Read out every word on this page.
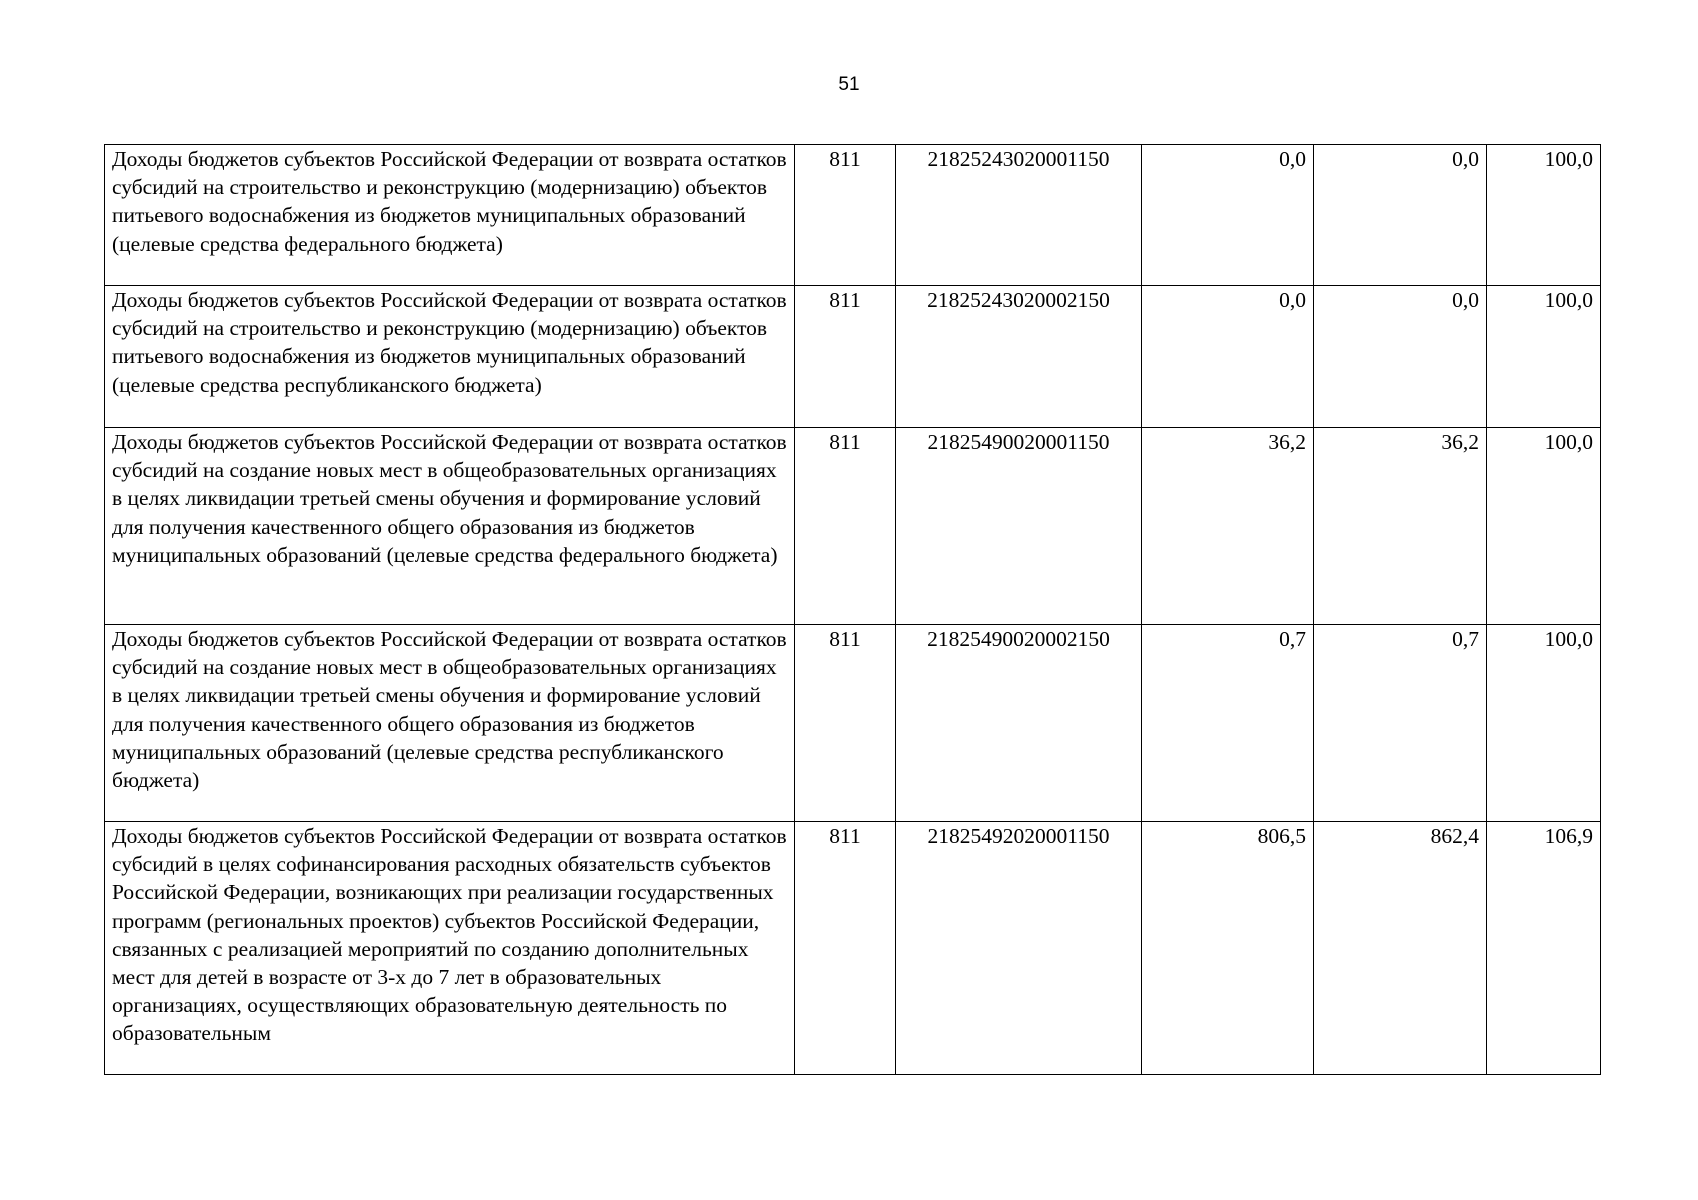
51
Доходы бюджетов субъектов Российской Федерации от возврата остатков субсидий на строительство и реконструкцию (модернизацию) объектов питьевого водоснабжения из бюджетов муниципальных образований (целевые средства федерального бюджета)	811	21825243020001150	0,0	0,0	100,0
Доходы бюджетов субъектов Российской Федерации от возврата остатков субсидий на строительство и реконструкцию (модернизацию) объектов питьевого водоснабжения из бюджетов муниципальных образований (целевые средства республиканского бюджета)	811	21825243020002150	0,0	0,0	100,0
Доходы бюджетов субъектов Российской Федерации от возврата остатков субсидий на создание новых мест в общеобразовательных организациях в целях ликвидации третьей смены обучения и формирование условий для получения качественного общего образования из бюджетов муниципальных образований (целевые средства федерального бюджета)	811	21825490020001150	36,2	36,2	100,0
Доходы бюджетов субъектов Российской Федерации от возврата остатков субсидий на создание новых мест в общеобразовательных организациях в целях ликвидации третьей смены обучения и формирование условий для получения качественного общего образования из бюджетов муниципальных образований (целевые средства республиканского бюджета)	811	21825490020002150	0,7	0,7	100,0
Доходы бюджетов субъектов Российской Федерации от возврата остатков субсидий в целях софинансирования расходных обязательств субъектов Российской Федерации, возникающих при реализации государственных программ (региональных проектов) субъектов Российской Федерации, связанных с реализацией мероприятий по созданию дополнительных мест для детей в возрасте от 3-х до 7 лет в образовательных организациях, осуществляющих образовательную деятельность по образовательным	811	21825492020001150	806,5	862,4	106,9
